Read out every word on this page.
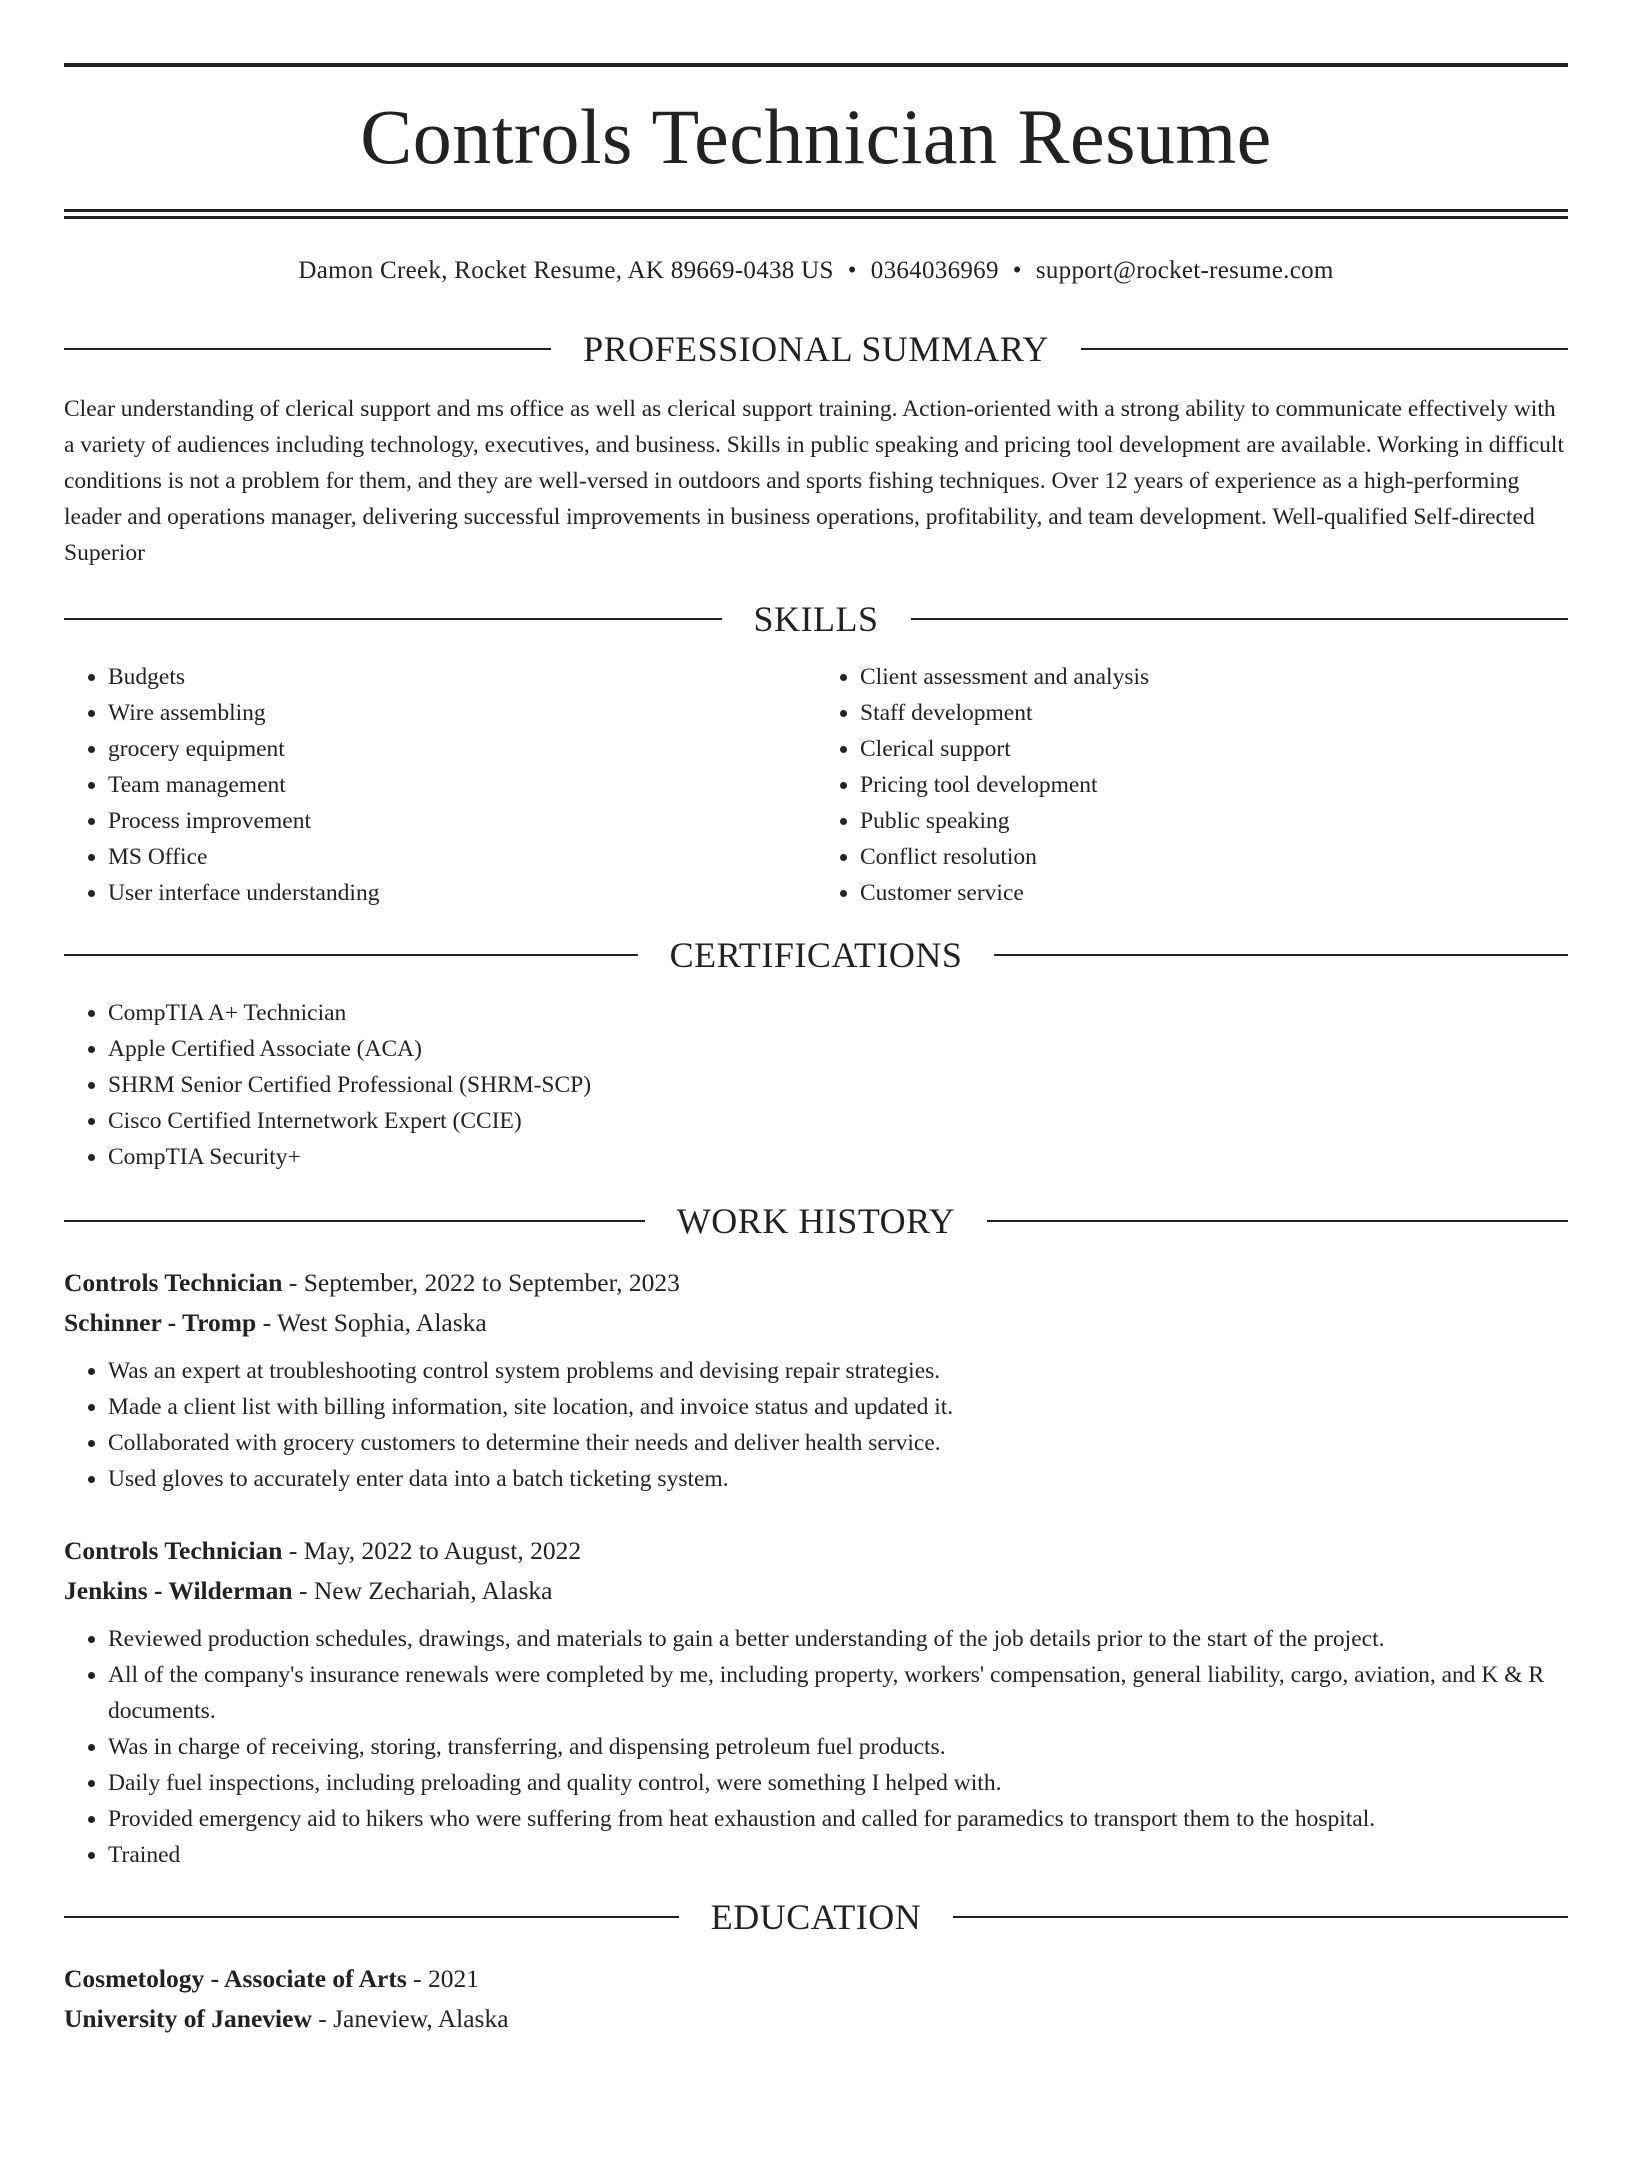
Controls Technician Resume
Damon Creek, Rocket Resume, AK 89669-0438 US • 0364036969 • support@rocket-resume.com
PROFESSIONAL SUMMARY

Clear understanding of clerical support and ms office as well as clerical support training. Action-oriented with a strong ability to communicate effectively with a variety of audiences including technology, executives, and business. Skills in public speaking and pricing tool development are available. Working in difficult conditions is not a problem for them, and they are well-versed in outdoors and sports fishing techniques. Over 12 years of experience as a high-performing leader and operations manager, delivering successful improvements in business operations, profitability, and team development. Well-qualified Self-directed Superior

SKILLS
• Budgets
• Wire assembling
• grocery equipment
• Team management
• Process improvement
• MS Office
• User interface understanding
• Client assessment and analysis
• Staff development
• Clerical support
• Pricing tool development
• Public speaking
• Conflict resolution
• Customer service
CERTIFICATIONS
• CompTIA A+ Technician
• Apple Certified Associate (ACA)
• SHRM Senior Certified Professional (SHRM-SCP)
• Cisco Certified Internetwork Expert (CCIE)
• CompTIA Security+
WORK HISTORY
Controls Technician - September, 2022 to September, 2023
Schinner - Tromp - West Sophia, Alaska
• Was an expert at troubleshooting control system problems and devising repair strategies.
• Made a client list with billing information, site location, and invoice status and updated it.
• Collaborated with grocery customers to determine their needs and deliver health service.
• Used gloves to accurately enter data into a batch ticketing system.
Controls Technician - May, 2022 to August, 2022
Jenkins - Wilderman - New Zechariah, Alaska
• Reviewed production schedules, drawings, and materials to gain a better understanding of the job details prior to the start of the project.
• All of the company's insurance renewals were completed by me, including property, workers' compensation, general liability, cargo, aviation, and K & R documents.
• Was in charge of receiving, storing, transferring, and dispensing petroleum fuel products.
• Daily fuel inspections, including preloading and quality control, were something I helped with.
• Provided emergency aid to hikers who were suffering from heat exhaustion and called for paramedics to transport them to the hospital.
• Trained
EDUCATION
Cosmetology - Associate of Arts - 2021
University of Janeview - Janeview, Alaska
